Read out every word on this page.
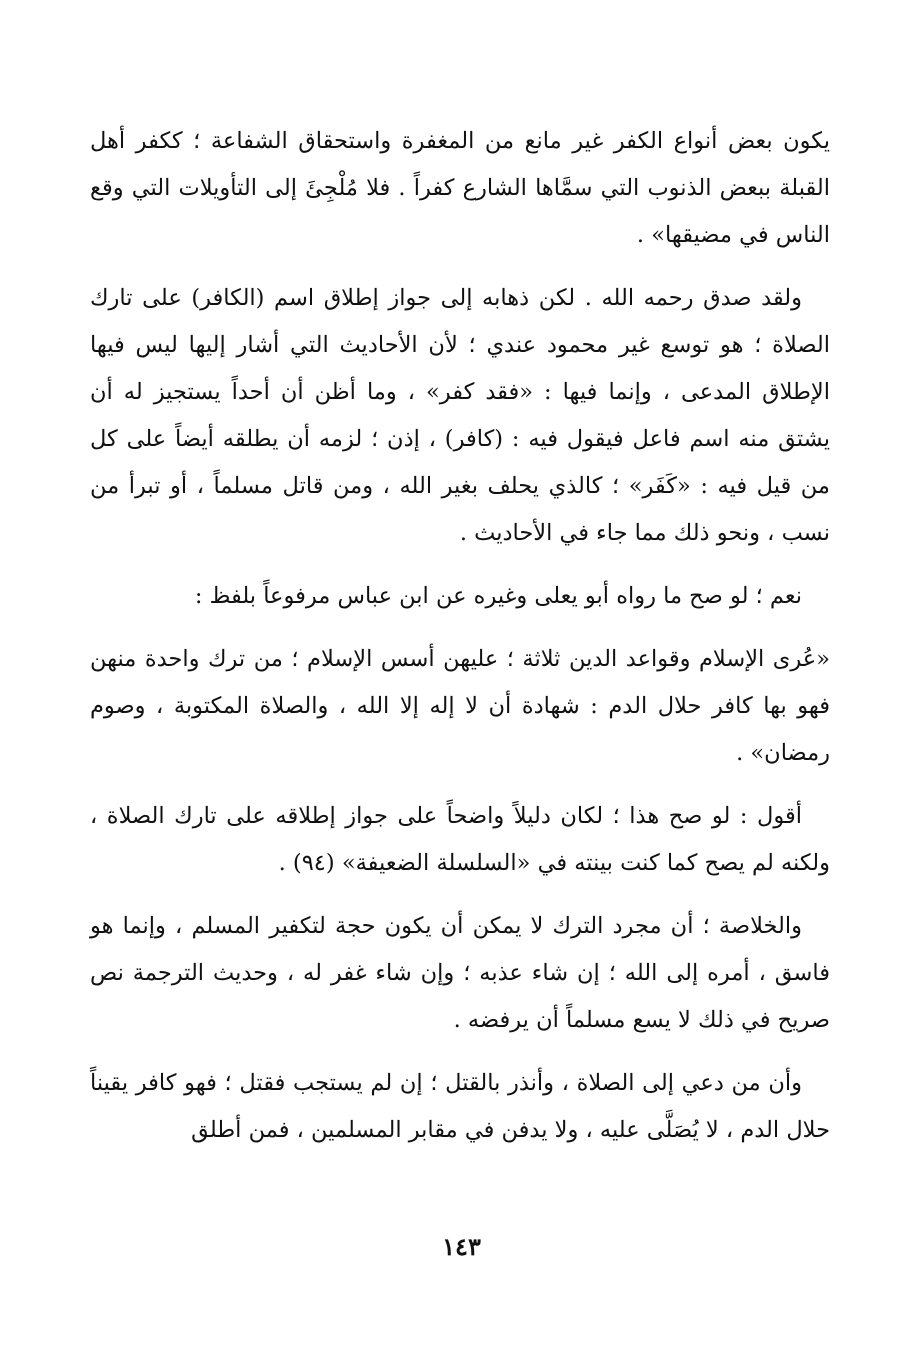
يكون بعض أنواع الكفر غير مانع من المغفرة واستحقاق الشفاعة ؛ ككفر أهل القبلة ببعض الذنوب التي سمَّاها الشارع كفراً . فلا مُلْجِئَ إلى التأويلات التي وقع الناس في مضيقها» .

ولقد صدق رحمه الله . لكن ذهابه إلى جواز إطلاق اسم (الكافر) على تارك الصلاة ؛ هو توسع غير محمود عندي ؛ لأن الأحاديث التي أشار إليها ليس فيها الإطلاق المدعى ، وإنما فيها : «فقد كفر» ، وما أظن أن أحداً يستجيز له أن يشتق منه اسم فاعل فيقول فيه : (كافر) ، إذن ؛ لزمه أن يطلقه أيضاً على كل من قيل فيه : «كَفَر» ؛ كالذي يحلف بغير الله ، ومن قاتل مسلماً ، أو تبرأ من نسب ، ونحو ذلك مما جاء في الأحاديث .

نعم ؛ لو صح ما رواه أبو يعلى وغيره عن ابن عباس مرفوعاً بلفظ :

«عُرى الإسلام وقواعد الدين ثلاثة ؛ عليهن أسس الإسلام ؛ من ترك واحدة منهن فهو بها كافر حلال الدم : شهادة أن لا إله إلا الله ، والصلاة المكتوبة ، وصوم رمضان» .

أقول : لو صح هذا ؛ لكان دليلاً واضحاً على جواز إطلاقه على تارك الصلاة ، ولكنه لم يصح كما كنت بينته في «السلسلة الضعيفة» (٩٤) .

والخلاصة ؛ أن مجرد الترك لا يمكن أن يكون حجة لتكفير المسلم ، وإنما هو فاسق ، أمره إلى الله ؛ إن شاء عذبه ؛ وإن شاء غفر له ، وحديث الترجمة نص صريح في ذلك لا يسع مسلماً أن يرفضه .

وأن من دعي إلى الصلاة ، وأنذر بالقتل ؛ إن لم يستجب فقتل ؛ فهو كافر يقيناً حلال الدم ، لا يُصَلَّى عليه ، ولا يدفن في مقابر المسلمين ، فمن أطلق

١٤٣
